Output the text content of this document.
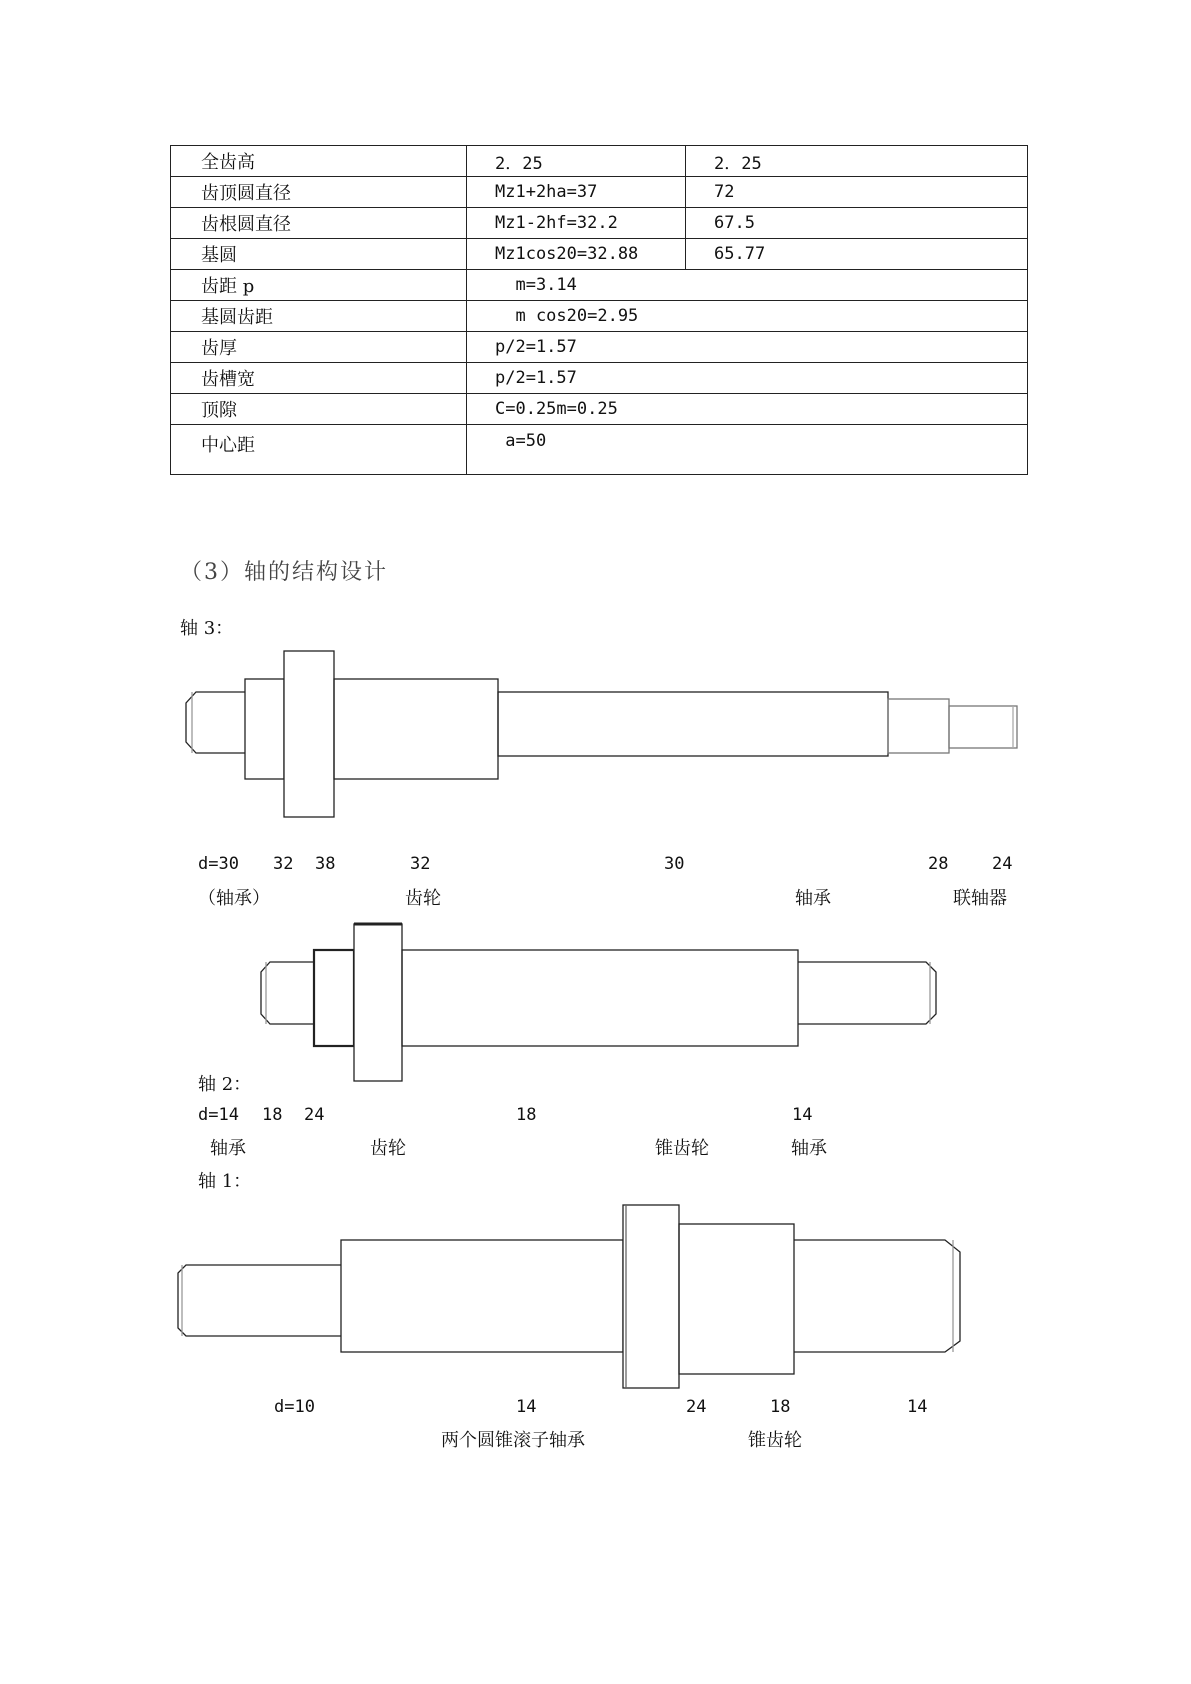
全齿高	2．25	2．25
齿顶圆直径	Mz1+2ha=37	72
齿根圆直径	Mz1-2hf=32.2	67.5
基圆	Mz1cos20=32.88	65.77
齿距 p	m=3.14	
基圆齿距	m cos20=2.95	
齿厚	p/2=1.57	
齿槽宽	p/2=1.57	
顶隙	C=0.25m=0.25	
中心距	a=50	
（3）轴的结构设计
轴 3：
d=30 32 38	32	30	28	24
（轴承）	齿轮	轴承	联轴器
轴 2：
d=14 18 24	18	14
轴承	齿轮	锥齿轮	轴承
轴 1：
d=10	14	24	18	14
两个圆锥滚子轴承	锥齿轮
